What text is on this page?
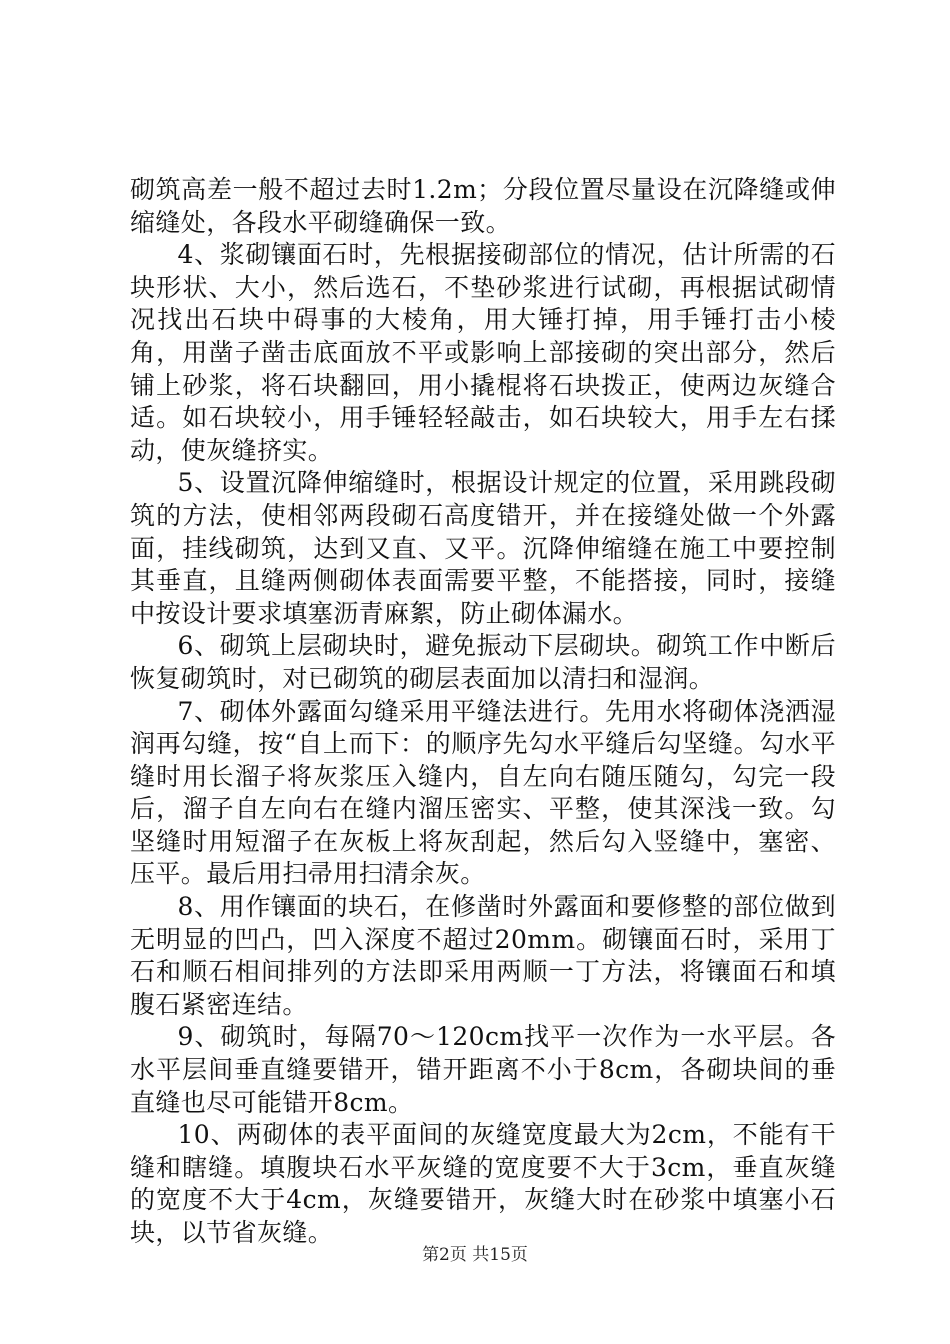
砌筑高差一般不超过去时1.2m；分段位置尽量设在沉降缝或伸缩缝处，各段水平砌缝确保一致。

4、浆砌镶面石时，先根据接砌部位的情况，估计所需的石块形状、大小，然后选石，不垫砂浆进行试砌，再根据试砌情况找出石块中碍事的大棱角，用大锤打掉，用手锤打击小棱角，用凿子凿击底面放不平或影响上部接砌的突出部分，然后铺上砂浆，将石块翻回，用小撬棍将石块拨正，使两边灰缝合适。如石块较小，用手锤轻轻敲击，如石块较大，用手左右揉动，使灰缝挤实。

5、设置沉降伸缩缝时，根据设计规定的位置，采用跳段砌筑的方法，使相邻两段砌石高度错开，并在接缝处做一个外露面，挂线砌筑，达到又直、又平。沉降伸缩缝在施工中要控制其垂直，且缝两侧砌体表面需要平整，不能搭接，同时，接缝中按设计要求填塞沥青麻絮，防止砌体漏水。

6、砌筑上层砌块时，避免振动下层砌块。砌筑工作中断后恢复砌筑时，对已砌筑的砌层表面加以清扫和湿润。

7、砌体外露面勾缝采用平缝法进行。先用水将砌体浇洒湿润再勾缝，按“自上而下：的顺序先勾水平缝后勾坚缝。勾水平缝时用长溜子将灰浆压入缝内，自左向右随压随勾，勾完一段后，溜子自左向右在缝内溜压密实、平整，使其深浅一致。勾坚缝时用短溜子在灰板上将灰刮起，然后勾入竖缝中，塞密、压平。最后用扫帚用扫清余灰。

8、用作镶面的块石，在修凿时外露面和要修整的部位做到无明显的凹凸，凹入深度不超过20mm。砌镶面石时，采用丁石和顺石相间排列的方法即采用两顺一丁方法，将镶面石和填腹石紧密连结。

9、砌筑时，每隔70～120cm找平一次作为一水平层。各水平层间垂直缝要错开，错开距离不小于8cm，各砌块间的垂直缝也尽可能错开8cm。

10、两砌体的表平面间的灰缝宽度最大为2cm，不能有干缝和瞎缝。填腹块石水平灰缝的宽度要不大于3cm，垂直灰缝的宽度不大于4cm，灰缝要错开，灰缝大时在砂浆中填塞小石块，以节省灰缝。

第2页 共15页
